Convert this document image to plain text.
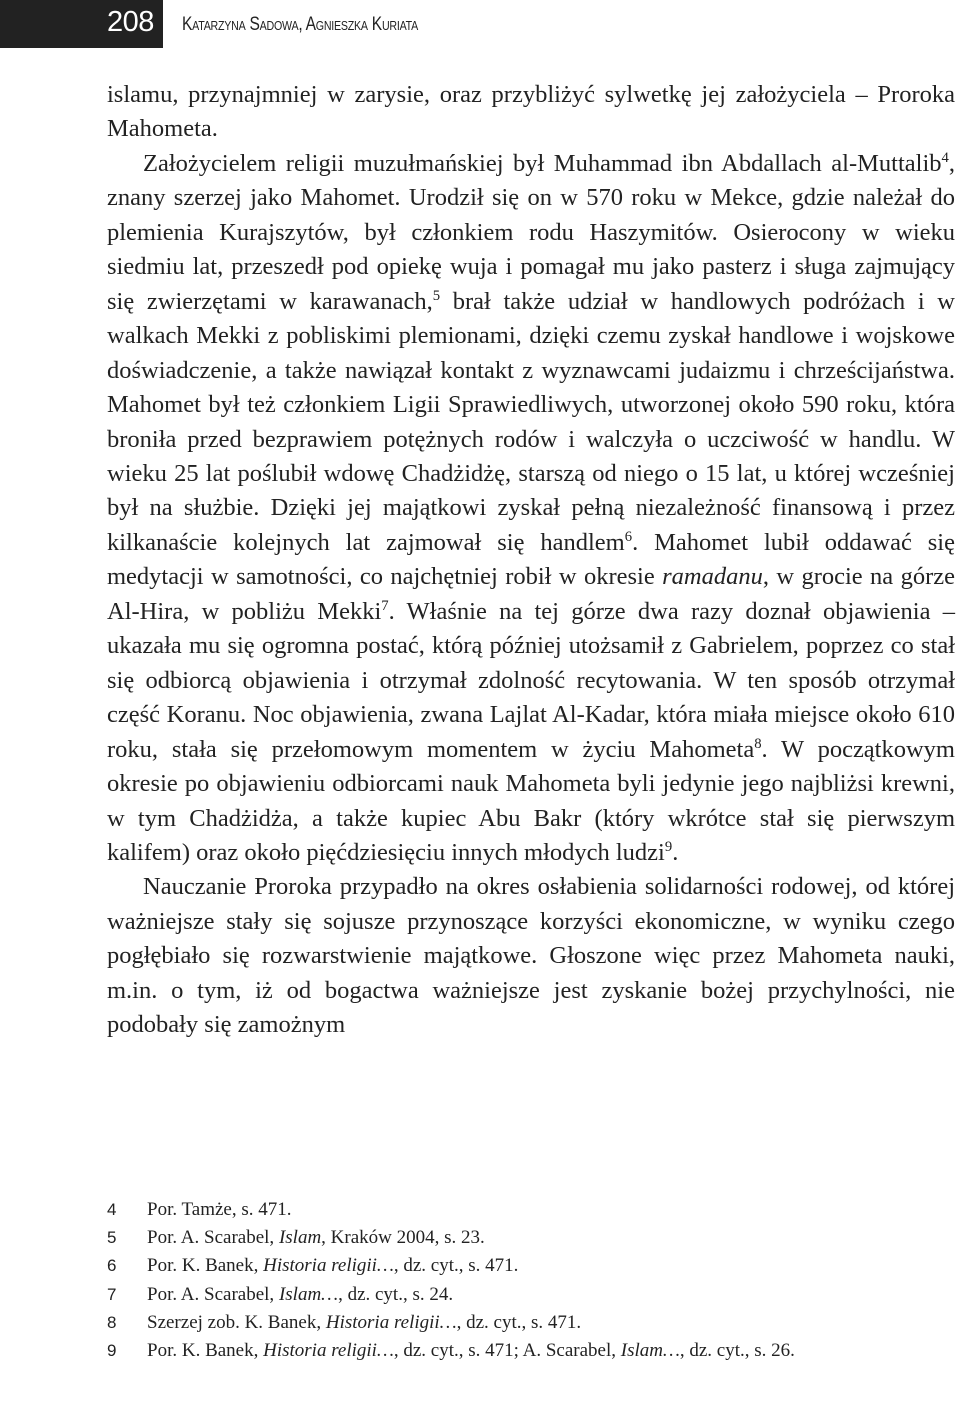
208 Katarzyna Sadowa, Agnieszka Kuriata

islamu, przynajmniej w zarysie, oraz przybliżyć sylwetkę jej założyciela – Proroka Mahometa.

Założycielem religii muzułmańskiej był Muhammad ibn Abdallach al-Muttalib$^4$, znany szerzej jako Mahomet. Urodził się on w 570 roku w Mekce, gdzie należał do plemienia Kurajszytów, był członkiem rodu Haszymitów. Osierocony w wieku siedmiu lat, przeszedł pod opiekę wuja i pomagał mu jako pasterz i sługa zajmujący się zwierzętami w karawanach,$^5$ brał także udział w handlowych podróżach i w walkach Mekki z pobliskimi plemionami, dzięki czemu zyskał handlowe i wojskowe doświadczenie, a także nawiązał kontakt z wyznawcami judaizmu i chrześcijaństwa. Mahomet był też członkiem Ligii Sprawiedliwych, utworzonej około 590 roku, która broniła przed bezprawiem potężnych rodów i walczyła o uczciwość w handlu. W wieku 25 lat poślubił wdowę Chadżidżę, starszą od niego o 15 lat, u której wcześniej był na służbie. Dzięki jej majątkowi zyskał pełną niezależność finansową i przez kilkanaście kolejnych lat zajmował się handlem$^6$. Mahomet lubił oddawać się medytacji w samotności, co najchętniej robił w okresie ramadanu, w grocie na górze Al-Hira, w pobliżu Mekki$^7$. Właśnie na tej górze dwa razy doznał objawienia – ukazała mu się ogromna postać, którą później utożsamił z Gabrielem, poprzez co stał się odbiorcą objawienia i otrzymał zdolność recytowania. W ten sposób otrzymał część Koranu. Noc objawienia, zwana Lajlat Al-Kadar, która miała miejsce około 610 roku, stała się przełomowym momentem w życiu Mahometa$^8$. W początkowym okresie po objawieniu odbiorcami nauk Mahometa byli jedynie jego najbliżsi krewni, w tym Chadżidża, a także kupiec Abu Bakr (który wkrótce stał się pierwszym kalifem) oraz około pięćdziesięciu innych młodych ludzi$^9$.

Nauczanie Proroka przypadło na okres osłabienia solidarności rodowej, od której ważniejsze stały się sojusze przynoszące korzyści ekonomiczne, w wyniku czego pogłębiało się rozwarstwienie majątkowe. Głoszone więc przez Mahometa nauki, m.in. o tym, iż od bogactwa ważniejsze jest zyskanie bożej przychylności, nie podobały się zamożnym

4	Por. Tamże, s. 471.
5	Por. A. Scarabel, Islam, Kraków 2004, s. 23.
6	Por. K. Banek, Historia religii…, dz. cyt., s. 471.
7	Por. A. Scarabel, Islam…, dz. cyt., s. 24.
8	Szerzej zob. K. Banek, Historia religii…, dz. cyt., s. 471.
9	Por. K. Banek, Historia religii…, dz. cyt., s. 471; A. Scarabel, Islam…, dz. cyt., s. 26.
